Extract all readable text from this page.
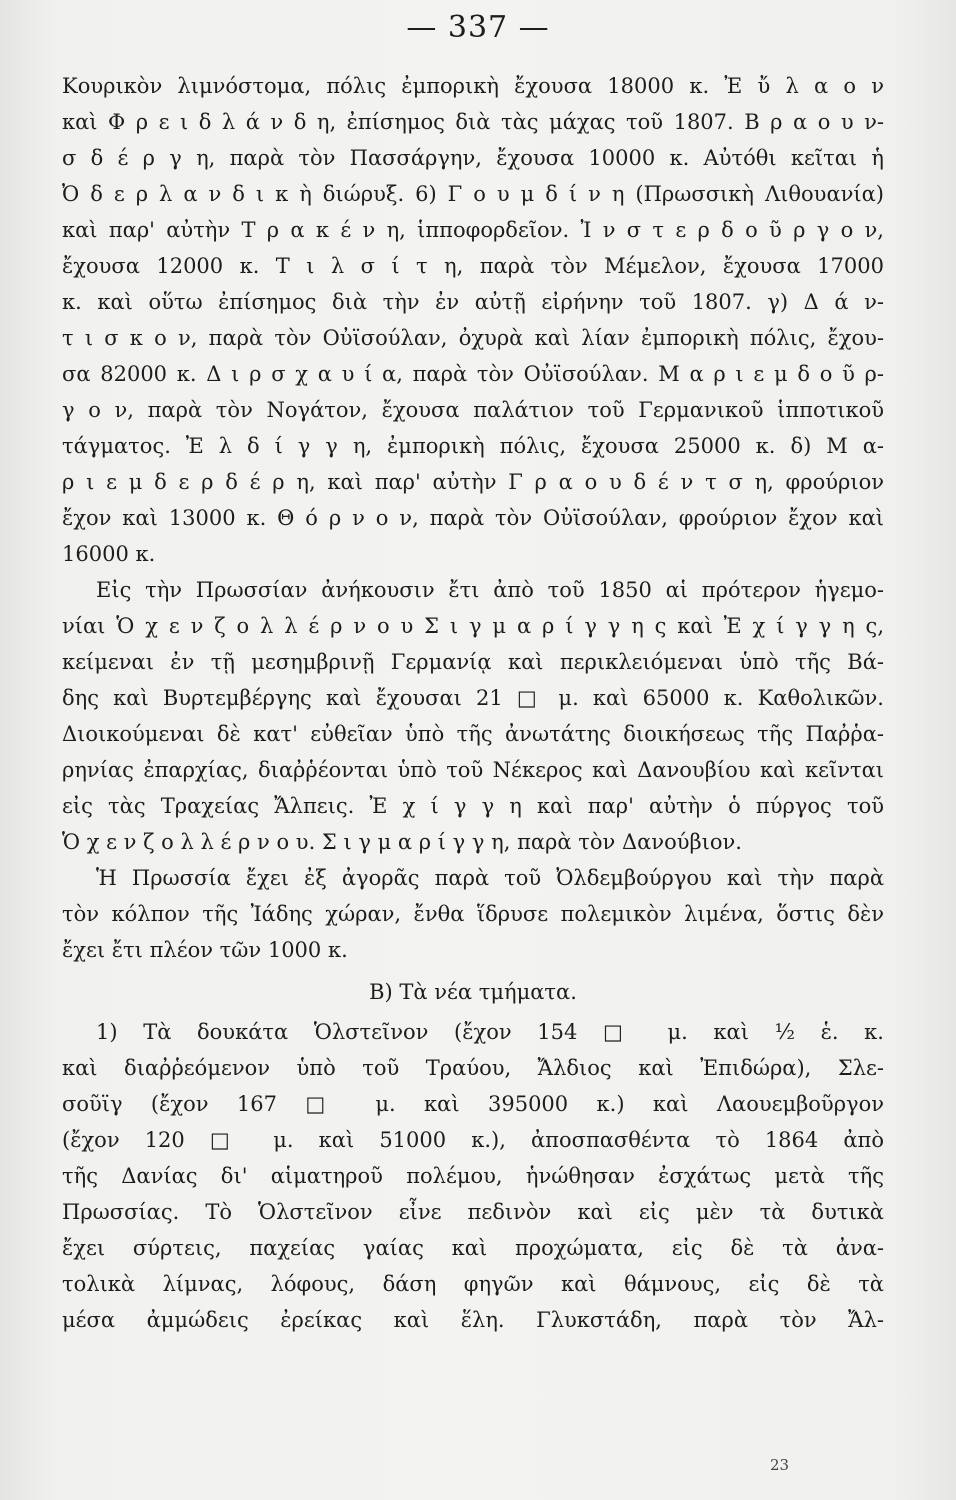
— 337 —
Κουρικὸν λιμνόστομα, πόλις ἐμπορικὴ ἔχουσα 18000 κ. Ἐ ὔ λ α ο ν
καὶ Φ ρ ε ι δ λ ά ν δ η, ἐπίσημος διὰ τὰς μάχας τοῦ 1807. Β ρ α ο υ ν-
σ δ έ ρ γ η, παρὰ τὸν Πασσάργην, ἔχουσα 10000 κ. Αὐτόθι κεῖται ἡ
Ὀ δ ε ρ λ α ν δ ι κ ὴ διώρυξ. 6) Γ ο υ μ δ ί ν η (Πρωσσικὴ Λιθουανία)
καὶ παρ' αὐτὴν Τ ρ α κ έ ν η, ἱπποφορδεῖον. Ἰ ν σ τ ε ρ δ ο ῦ ρ γ ο ν,
ἔχουσα 12000 κ. Τ ι λ σ ί τ η, παρὰ τὸν Μέμελον, ἔχουσα 17000
κ. καὶ οὕτω ἐπίσημος διὰ τὴν ἐν αὐτῇ εἰρήνην τοῦ 1807. γ) Δ ά ν-
τ ι σ κ ο ν, παρὰ τὸν Οὐϊσούλαν, ὀχυρὰ καὶ λίαν ἐμπορικὴ πόλις, ἔχου-
σα 82000 κ. Δ ι ρ σ χ α υ ί α, παρὰ τὸν Οὐϊσούλαν. Μ α ρ ι ε μ δ ο ῦ ρ-
γ ο ν, παρὰ τὸν Νογάτον, ἔχουσα παλάτιον τοῦ Γερμανικοῦ ἱπποτικοῦ
τάγματος. Ἐ λ δ ί γ γ η, ἐμπορικὴ πόλις, ἔχουσα 25000 κ. δ) Μ α-
ρ ι ε μ δ ε ρ δ έ ρ η, καὶ παρ' αὐτὴν Γ ρ α ο υ δ έ ν τ σ η, φρούριον
ἔχον καὶ 13000 κ. Θ ό ρ ν ο ν, παρὰ τὸν Οὐϊσούλαν, φρούριον ἔχον καὶ
16000 κ.
Εἰς τὴν Πρωσσίαν ἀνήκουσιν ἔτι ἀπὸ τοῦ 1850 αἱ πρότερον ἡγεμο-
νίαι Ὁ χ ε ν ζ ο λ λ έ ρ ν ο υ Σ ι γ μ α ρ ί γ γ η ς καὶ Ἐ χ ί γ γ η ς,
κείμεναι ἐν τῇ μεσημβρινῇ Γερμανίᾳ καὶ περικλειόμεναι ὑπὸ τῆς Βά-
δης καὶ Βυρτεμβέργης καὶ ἔχουσαι 21 □ μ. καὶ 65000 κ. Καθολικῶν.
Διοικούμεναι δὲ κατ' εὐθεῖαν ὑπὸ τῆς ἀνωτάτης διοικήσεως τῆς Παῤῥα-
ρηνίας ἐπαρχίας, διαῤῥέονται ὑπὸ τοῦ Νέκερος καὶ Δανουβίου καὶ κεῖνται
εἰς τὰς Τραχείας Ἄλπεις. Ἐ χ ί γ γ η καὶ παρ' αὐτὴν ὁ πύργος τοῦ
Ὁ χ ε ν ζ ο λ λ έ ρ ν ο υ. Σ ι γ μ α ρ ί γ γ η, παρὰ τὸν Δανούβιον.
Ἡ Πρωσσία ἔχει ἐξ ἀγορᾶς παρὰ τοῦ Ὀλδεμβούργου καὶ τὴν παρὰ
τὸν κόλπον τῆς Ἰάδης χώραν, ἔνθα ἵδρυσε πολεμικὸν λιμένα, ὅστις δὲν
ἔχει ἔτι πλέον τῶν 1000 κ.
B) Τὰ νέα τμήματα.
1) Τὰ δουκάτα Ὁλστεῖνον (ἔχον 154 □ μ. καὶ ½ ἑ. κ.
καὶ διαῤῥεόμενον ὑπὸ τοῦ Τραύου, Ἄλδιος καὶ Ἐπιδώρα), Σλε-
σοῦϊγ (ἔχον 167 □ μ. καὶ 395000 κ.) καὶ Λαουεμβοῦργον
(ἔχον 120 □ μ. καὶ 51000 κ.), ἀποσπασθέντα τὸ 1864 ἀπὸ
τῆς Δανίας δι' αἱματηροῦ πολέμου, ἡνώθησαν ἐσχάτως μετὰ τῆς
Πρωσσίας. Τὸ Ὁλστεῖνον εἶνε πεδινὸν καὶ εἰς μὲν τὰ δυτικὰ
ἔχει σύρτεις, παχείας γαίας καὶ προχώματα, εἰς δὲ τὰ ἀνα-
τολικὰ λίμνας, λόφους, δάση φηγῶν καὶ θάμνους, εἰς δὲ τὰ
μέσα ἀμμώδεις ἐρείκας καὶ ἕλη. Γλυκστάδη, παρὰ τὸν Ἄλ-
23
